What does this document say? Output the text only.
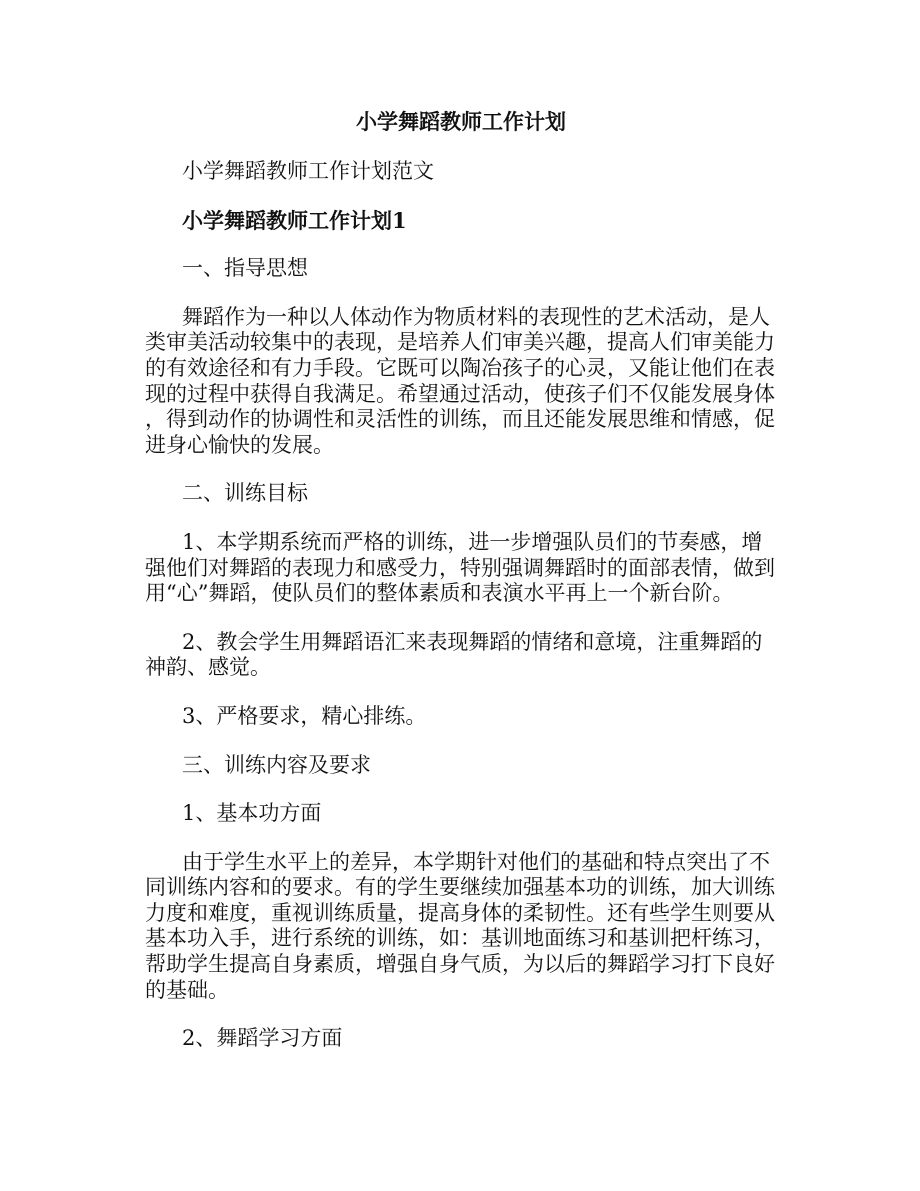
小学舞蹈教师工作计划

小学舞蹈教师工作计划范文

小学舞蹈教师工作计划1

一、指导思想

舞蹈作为一种以人体动作为物质材料的表现性的艺术活动，是人类审美活动较集中的表现，是培养人们审美兴趣，提高人们审美能力的有效途径和有力手段。它既可以陶冶孩子的心灵，又能让他们在表现的过程中获得自我满足。希望通过活动，使孩子们不仅能发展身体，得到动作的协调性和灵活性的训练，而且还能发展思维和情感，促进身心愉快的发展。

二、训练目标

1、本学期系统而严格的训练，进一步增强队员们的节奏感，增强他们对舞蹈的表现力和感受力，特别强调舞蹈时的面部表情，做到用“心”舞蹈，使队员们的整体素质和表演水平再上一个新台阶。

2、教会学生用舞蹈语汇来表现舞蹈的情绪和意境，注重舞蹈的神韵、感觉。

3、严格要求，精心排练。

三、训练内容及要求

1、基本功方面

由于学生水平上的差异，本学期针对他们的基础和特点突出了不同训练内容和的要求。有的学生要继续加强基本功的训练，加大训练力度和难度，重视训练质量，提高身体的柔韧性。还有些学生则要从基本功入手，进行系统的训练，如：基训地面练习和基训把杆练习，帮助学生提高自身素质，增强自身气质，为以后的舞蹈学习打下良好的基础。

2、舞蹈学习方面
